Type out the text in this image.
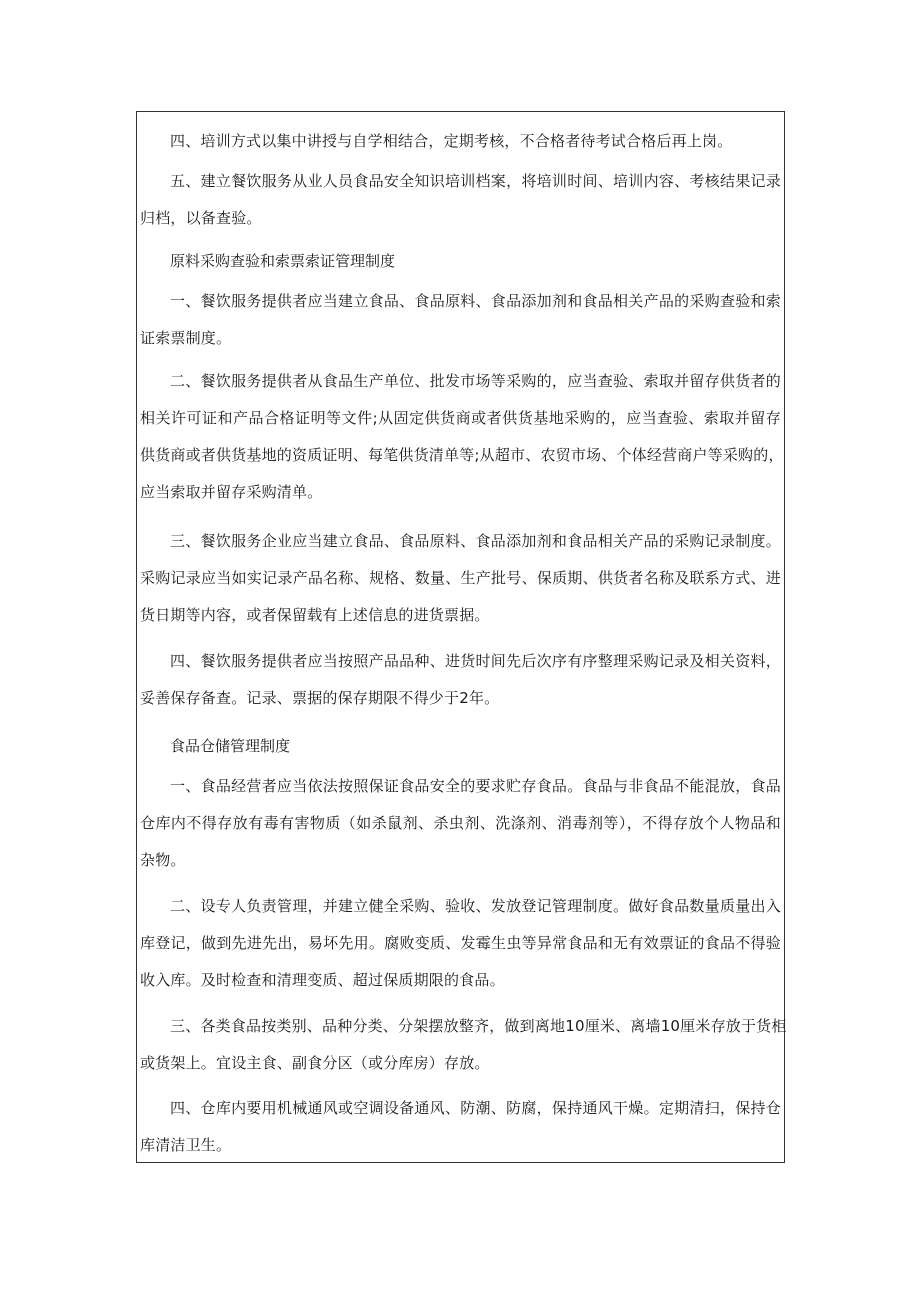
四、培训方式以集中讲授与自学相结合，定期考核，不合格者待考试合格后再上岗。
五、建立餐饮服务从业人员食品安全知识培训档案，将培训时间、培训内容、考核结果记录
归档，以备查验。
原料采购查验和索票索证管理制度
一、餐饮服务提供者应当建立食品、食品原料、食品添加剂和食品相关产品的采购查验和索
证索票制度。
二、餐饮服务提供者从食品生产单位、批发市场等采购的，应当查验、索取并留存供货者的
相关许可证和产品合格证明等文件;从固定供货商或者供货基地采购的，应当查验、索取并留存
供货商或者供货基地的资质证明、每笔供货清单等;从超市、农贸市场、个体经营商户等采购的，
应当索取并留存采购清单。
三、餐饮服务企业应当建立食品、食品原料、食品添加剂和食品相关产品的采购记录制度。
采购记录应当如实记录产品名称、规格、数量、生产批号、保质期、供货者名称及联系方式、进
货日期等内容，或者保留载有上述信息的进货票据。
四、餐饮服务提供者应当按照产品品种、进货时间先后次序有序整理采购记录及相关资料，
妥善保存备查。记录、票据的保存期限不得少于2年。
食品仓储管理制度
一、食品经营者应当依法按照保证食品安全的要求贮存食品。食品与非食品不能混放，食品
仓库内不得存放有毒有害物质（如杀鼠剂、杀虫剂、洗涤剂、消毒剂等），不得存放个人物品和
杂物。
二、设专人负责管理，并建立健全采购、验收、发放登记管理制度。做好食品数量质量出入
库登记，做到先进先出，易坏先用。腐败变质、发霉生虫等异常食品和无有效票证的食品不得验
收入库。及时检查和清理变质、超过保质期限的食品。
三、各类食品按类别、品种分类、分架摆放整齐，做到离地10厘米、离墙10厘米存放于货柜
或货架上。宜设主食、副食分区（或分库房）存放。
四、仓库内要用机械通风或空调设备通风、防潮、防腐，保持通风干燥。定期清扫，保持仓
库清洁卫生。
